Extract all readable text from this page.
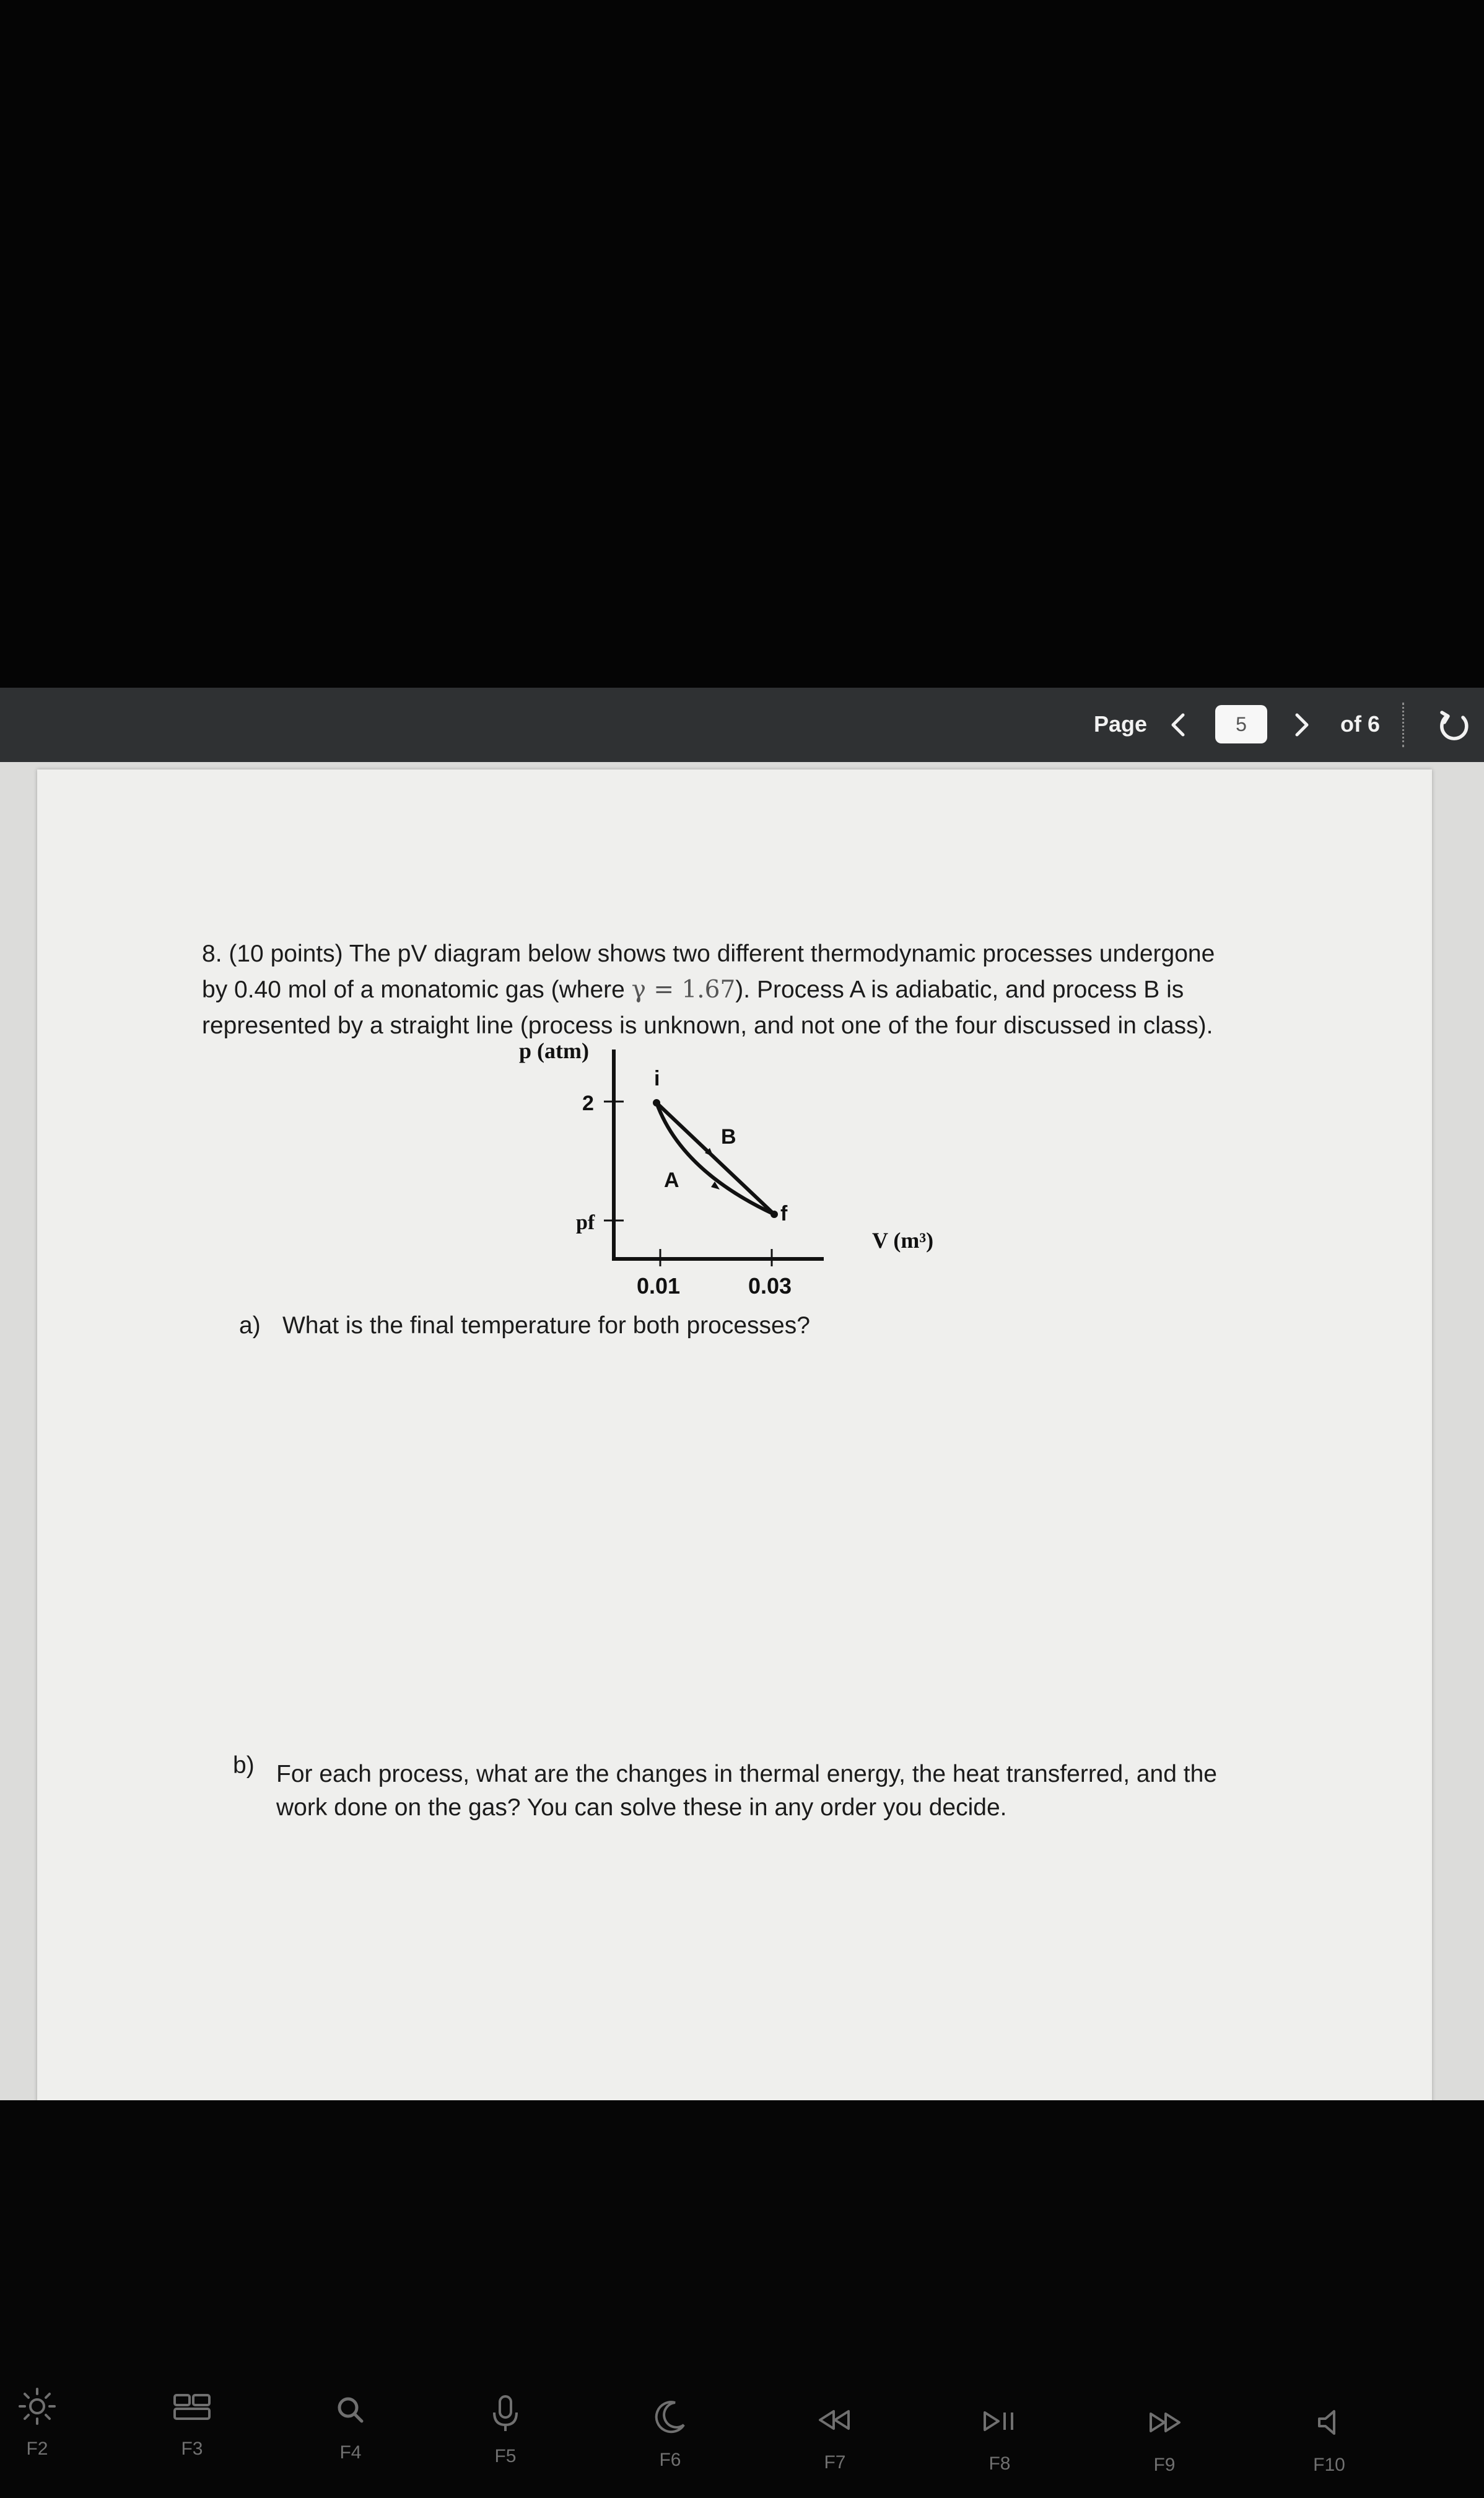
Page
5	of 6
8. (10 points) The pV diagram below shows two different thermodynamic processes undergone
by 0.40 mol of a monatomic gas (where γ = 1.67). Process A is adiabatic, and process B is
represented by a straight line (process is unknown, and not one of the four discussed in class).
p (atm)
2
pf
i
B
A
f
V (m³)
0.01	0.03
a) What is the final temperature for both processes?
b) For each process, what are the changes in thermal energy, the heat transferred, and the
work done on the gas? You can solve these in any order you decide.
F2	F3	F4	F5	F6	F7	F8	F9	F10
